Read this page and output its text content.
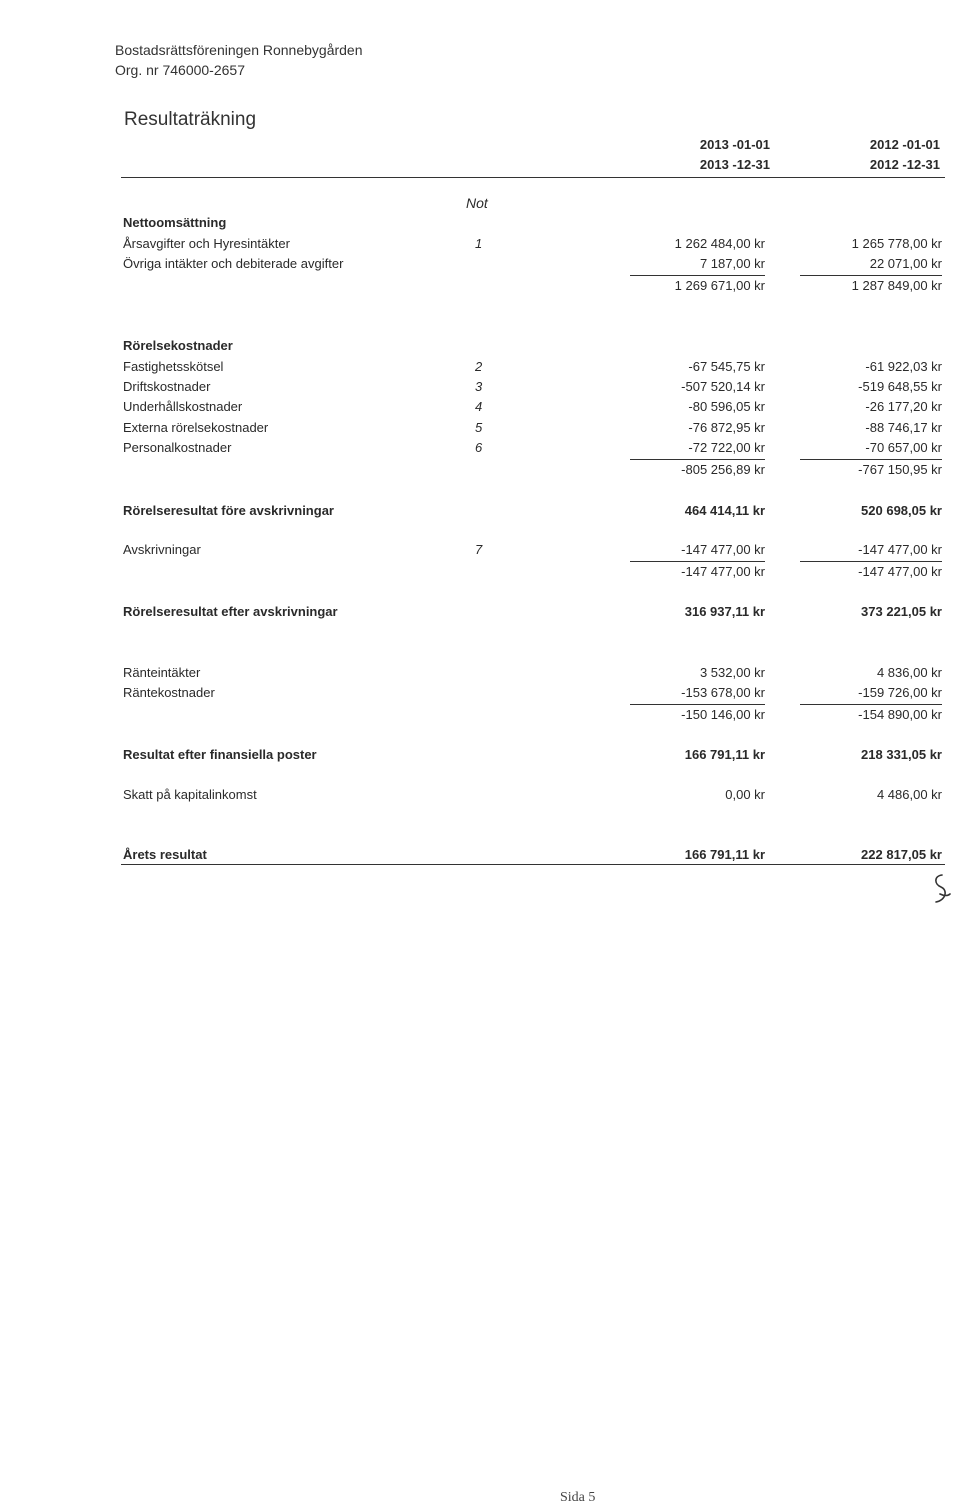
Bostadsrättsföreningen Ronnebygården
Org. nr 746000-2657
Resultaträkning
2013 -01-01
2013 -12-31
2012 -01-01
2012 -12-31
Not
Nettoomsättning
Årsavgifter och Hyresintäkter	1	1 262 484,00 kr	1 265 778,00 kr
Övriga intäkter och debiterade avgifter	7 187,00 kr	22 071,00 kr
1 269 671,00 kr	1 287 849,00 kr
Rörelsekostnader
Fastighetsskötsel	2	-67 545,75 kr	-61 922,03 kr
Driftskostnader	3	-507 520,14 kr	-519 648,55 kr
Underhållskostnader	4	-80 596,05 kr	-26 177,20 kr
Externa rörelsekostnader	5	-76 872,95 kr	-88 746,17 kr
Personalkostnader	6	-72 722,00 kr	-70 657,00 kr
-805 256,89 kr	-767 150,95 kr
Rörelseresultat före avskrivningar	464 414,11 kr	520 698,05 kr
Avskrivningar	7	-147 477,00 kr	-147 477,00 kr
-147 477,00 kr	-147 477,00 kr
Rörelseresultat efter avskrivningar	316 937,11 kr	373 221,05 kr
Ränteintäkter	3 532,00 kr	4 836,00 kr
Räntekostnader	-153 678,00 kr	-159 726,00 kr
-150 146,00 kr	-154 890,00 kr
Resultat efter finansiella poster	166 791,11 kr	218 331,05 kr
Skatt på kapitalinkomst	0,00 kr	4 486,00 kr
Årets resultat	166 791,11 kr	222 817,05 kr
Sida 5
